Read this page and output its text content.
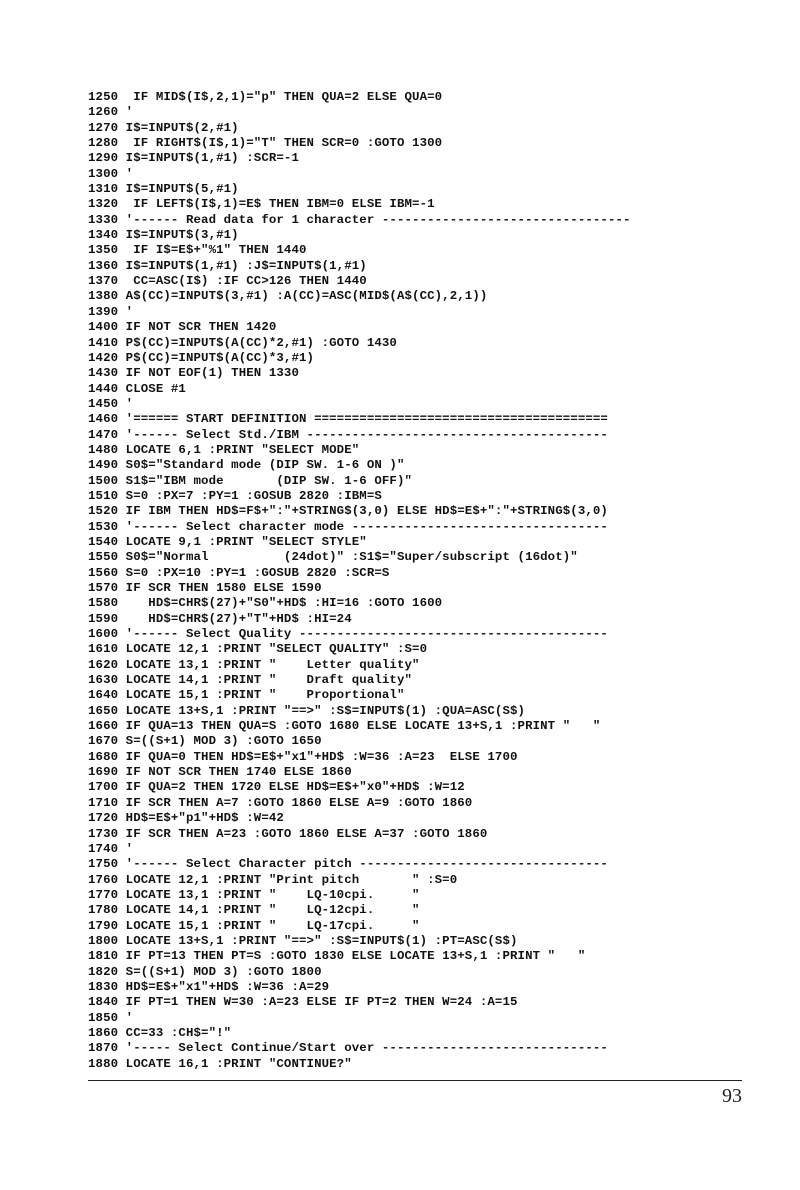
1250  IF MID$(I$,2,1)="p" THEN QUA=2 ELSE QUA=0
1260 '
1270 I$=INPUT$(2,#1)
1280  IF RIGHT$(I$,1)="T" THEN SCR=0 :GOTO 1300
1290 I$=INPUT$(1,#1) :SCR=-1
1300 '
1310 I$=INPUT$(5,#1)
1320  IF LEFT$(I$,1)=E$ THEN IBM=0 ELSE IBM=-1
1330 '------ Read data for 1 character ---------------------------------
1340 I$=INPUT$(3,#1)
1350  IF I$=E$+"%1" THEN 1440
1360 I$=INPUT$(1,#1) :J$=INPUT$(1,#1)
1370  CC=ASC(I$) :IF CC>126 THEN 1440
1380 A$(CC)=INPUT$(3,#1) :A(CC)=ASC(MID$(A$(CC),2,1))
1390 '
1400 IF NOT SCR THEN 1420
1410 P$(CC)=INPUT$(A(CC)*2,#1) :GOTO 1430
1420 P$(CC)=INPUT$(A(CC)*3,#1)
1430 IF NOT EOF(1) THEN 1330
1440 CLOSE #1
1450 '
1460 '====== START DEFINITION =======================================
1470 '------ Select Std./IBM ----------------------------------------
1480 LOCATE 6,1 :PRINT "SELECT MODE"
1490 S0$="Standard mode (DIP SW. 1-6 ON )"
1500 S1$="IBM mode       (DIP SW. 1-6 OFF)"
1510 S=0 :PX=7 :PY=1 :GOSUB 2820 :IBM=S
1520 IF IBM THEN HD$=F$+":"+STRING$(3,0) ELSE HD$=E$+":"+STRING$(3,0)
1530 '------ Select character mode ----------------------------------
1540 LOCATE 9,1 :PRINT "SELECT STYLE"
1550 S0$="Normal          (24dot)" :S1$="Super/subscript (16dot)"
1560 S=0 :PX=10 :PY=1 :GOSUB 2820 :SCR=S
1570 IF SCR THEN 1580 ELSE 1590
1580    HD$=CHR$(27)+"S0"+HD$ :HI=16 :GOTO 1600
1590    HD$=CHR$(27)+"T"+HD$ :HI=24
1600 '------ Select Quality -----------------------------------------
1610 LOCATE 12,1 :PRINT "SELECT QUALITY" :S=0
1620 LOCATE 13,1 :PRINT "    Letter quality"
1630 LOCATE 14,1 :PRINT "    Draft quality"
1640 LOCATE 15,1 :PRINT "    Proportional"
1650 LOCATE 13+S,1 :PRINT "==>" :S$=INPUT$(1) :QUA=ASC(S$)
1660 IF QUA=13 THEN QUA=S :GOTO 1680 ELSE LOCATE 13+S,1 :PRINT "   "
1670 S=((S+1) MOD 3) :GOTO 1650
1680 IF QUA=0 THEN HD$=E$+"x1"+HD$ :W=36 :A=23  ELSE 1700
1690 IF NOT SCR THEN 1740 ELSE 1860
1700 IF QUA=2 THEN 1720 ELSE HD$=E$+"x0"+HD$ :W=12
1710 IF SCR THEN A=7 :GOTO 1860 ELSE A=9 :GOTO 1860
1720 HD$=E$+"p1"+HD$ :W=42
1730 IF SCR THEN A=23 :GOTO 1860 ELSE A=37 :GOTO 1860
1740 '
1750 '------ Select Character pitch ---------------------------------
1760 LOCATE 12,1 :PRINT "Print pitch       " :S=0
1770 LOCATE 13,1 :PRINT "    LQ-10cpi.     "
1780 LOCATE 14,1 :PRINT "    LQ-12cpi.     "
1790 LOCATE 15,1 :PRINT "    LQ-17cpi.     "
1800 LOCATE 13+S,1 :PRINT "==>" :S$=INPUT$(1) :PT=ASC(S$)
1810 IF PT=13 THEN PT=S :GOTO 1830 ELSE LOCATE 13+S,1 :PRINT "   "
1820 S=((S+1) MOD 3) :GOTO 1800
1830 HD$=E$+"x1"+HD$ :W=36 :A=29
1840 IF PT=1 THEN W=30 :A=23 ELSE IF PT=2 THEN W=24 :A=15
1850 '
1860 CC=33 :CH$="!"
1870 '----- Select Continue/Start over ------------------------------
1880 LOCATE 16,1 :PRINT "CONTINUE?"
93
